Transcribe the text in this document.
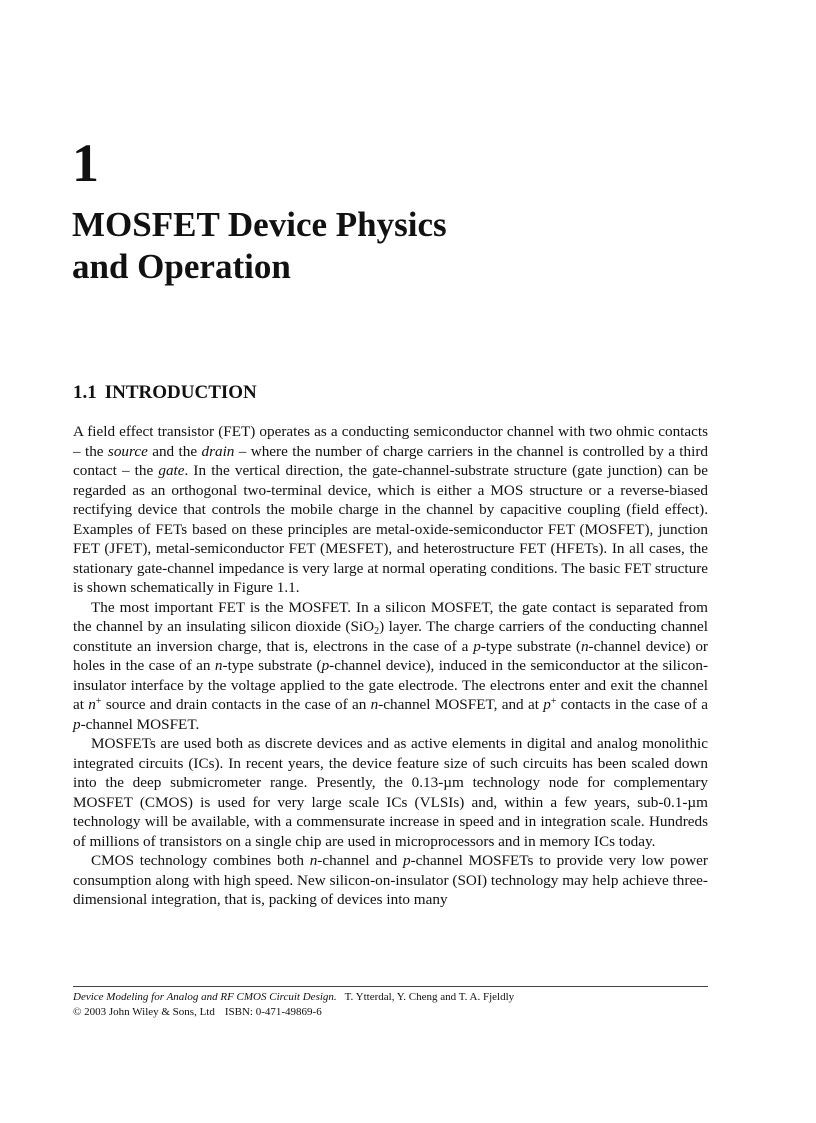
1
MOSFET Device Physics
and Operation
1.1 INTRODUCTION

A field effect transistor (FET) operates as a conducting semiconductor channel with two ohmic contacts – the source and the drain – where the number of charge carriers in the channel is controlled by a third contact – the gate. In the vertical direction, the gate-channel-substrate structure (gate junction) can be regarded as an orthogonal two-terminal device, which is either a MOS structure or a reverse-biased rectifying device that controls the mobile charge in the channel by capacitive coupling (field effect). Examples of FETs based on these principles are metal-oxide-semiconductor FET (MOSFET), junction FET (JFET), metal-semiconductor FET (MESFET), and heterostructure FET (HFETs). In all cases, the stationary gate-channel impedance is very large at normal operating conditions. The basic FET structure is shown schematically in Figure 1.1.

The most important FET is the MOSFET. In a silicon MOSFET, the gate contact is separated from the channel by an insulating silicon dioxide (SiO$_2$) layer. The charge carriers of the conducting channel constitute an inversion charge, that is, electrons in the case of a p-type substrate (n-channel device) or holes in the case of an n-type substrate (p-channel device), induced in the semiconductor at the silicon-insulator interface by the voltage applied to the gate electrode. The electrons enter and exit the channel at n+ source and drain contacts in the case of an n-channel MOSFET, and at p+ contacts in the case of a p-channel MOSFET.

MOSFETs are used both as discrete devices and as active elements in digital and analog monolithic integrated circuits (ICs). In recent years, the device feature size of such circuits has been scaled down into the deep submicrometer range. Presently, the 0.13-µm technology node for complementary MOSFET (CMOS) is used for very large scale ICs (VLSIs) and, within a few years, sub-0.1-µm technology will be available, with a commensurate increase in speed and in integration scale. Hundreds of millions of transistors on a single chip are used in microprocessors and in memory ICs today.

CMOS technology combines both n-channel and p-channel MOSFETs to provide very low power consumption along with high speed. New silicon-on-insulator (SOI) technology may help achieve three-dimensional integration, that is, packing of devices into many

Device Modeling for Analog and RF CMOS Circuit Design. T. Ytterdal, Y. Cheng and T. A. Fjeldly
© 2003 John Wiley & Sons, Ltd ISBN: 0-471-49869-6
